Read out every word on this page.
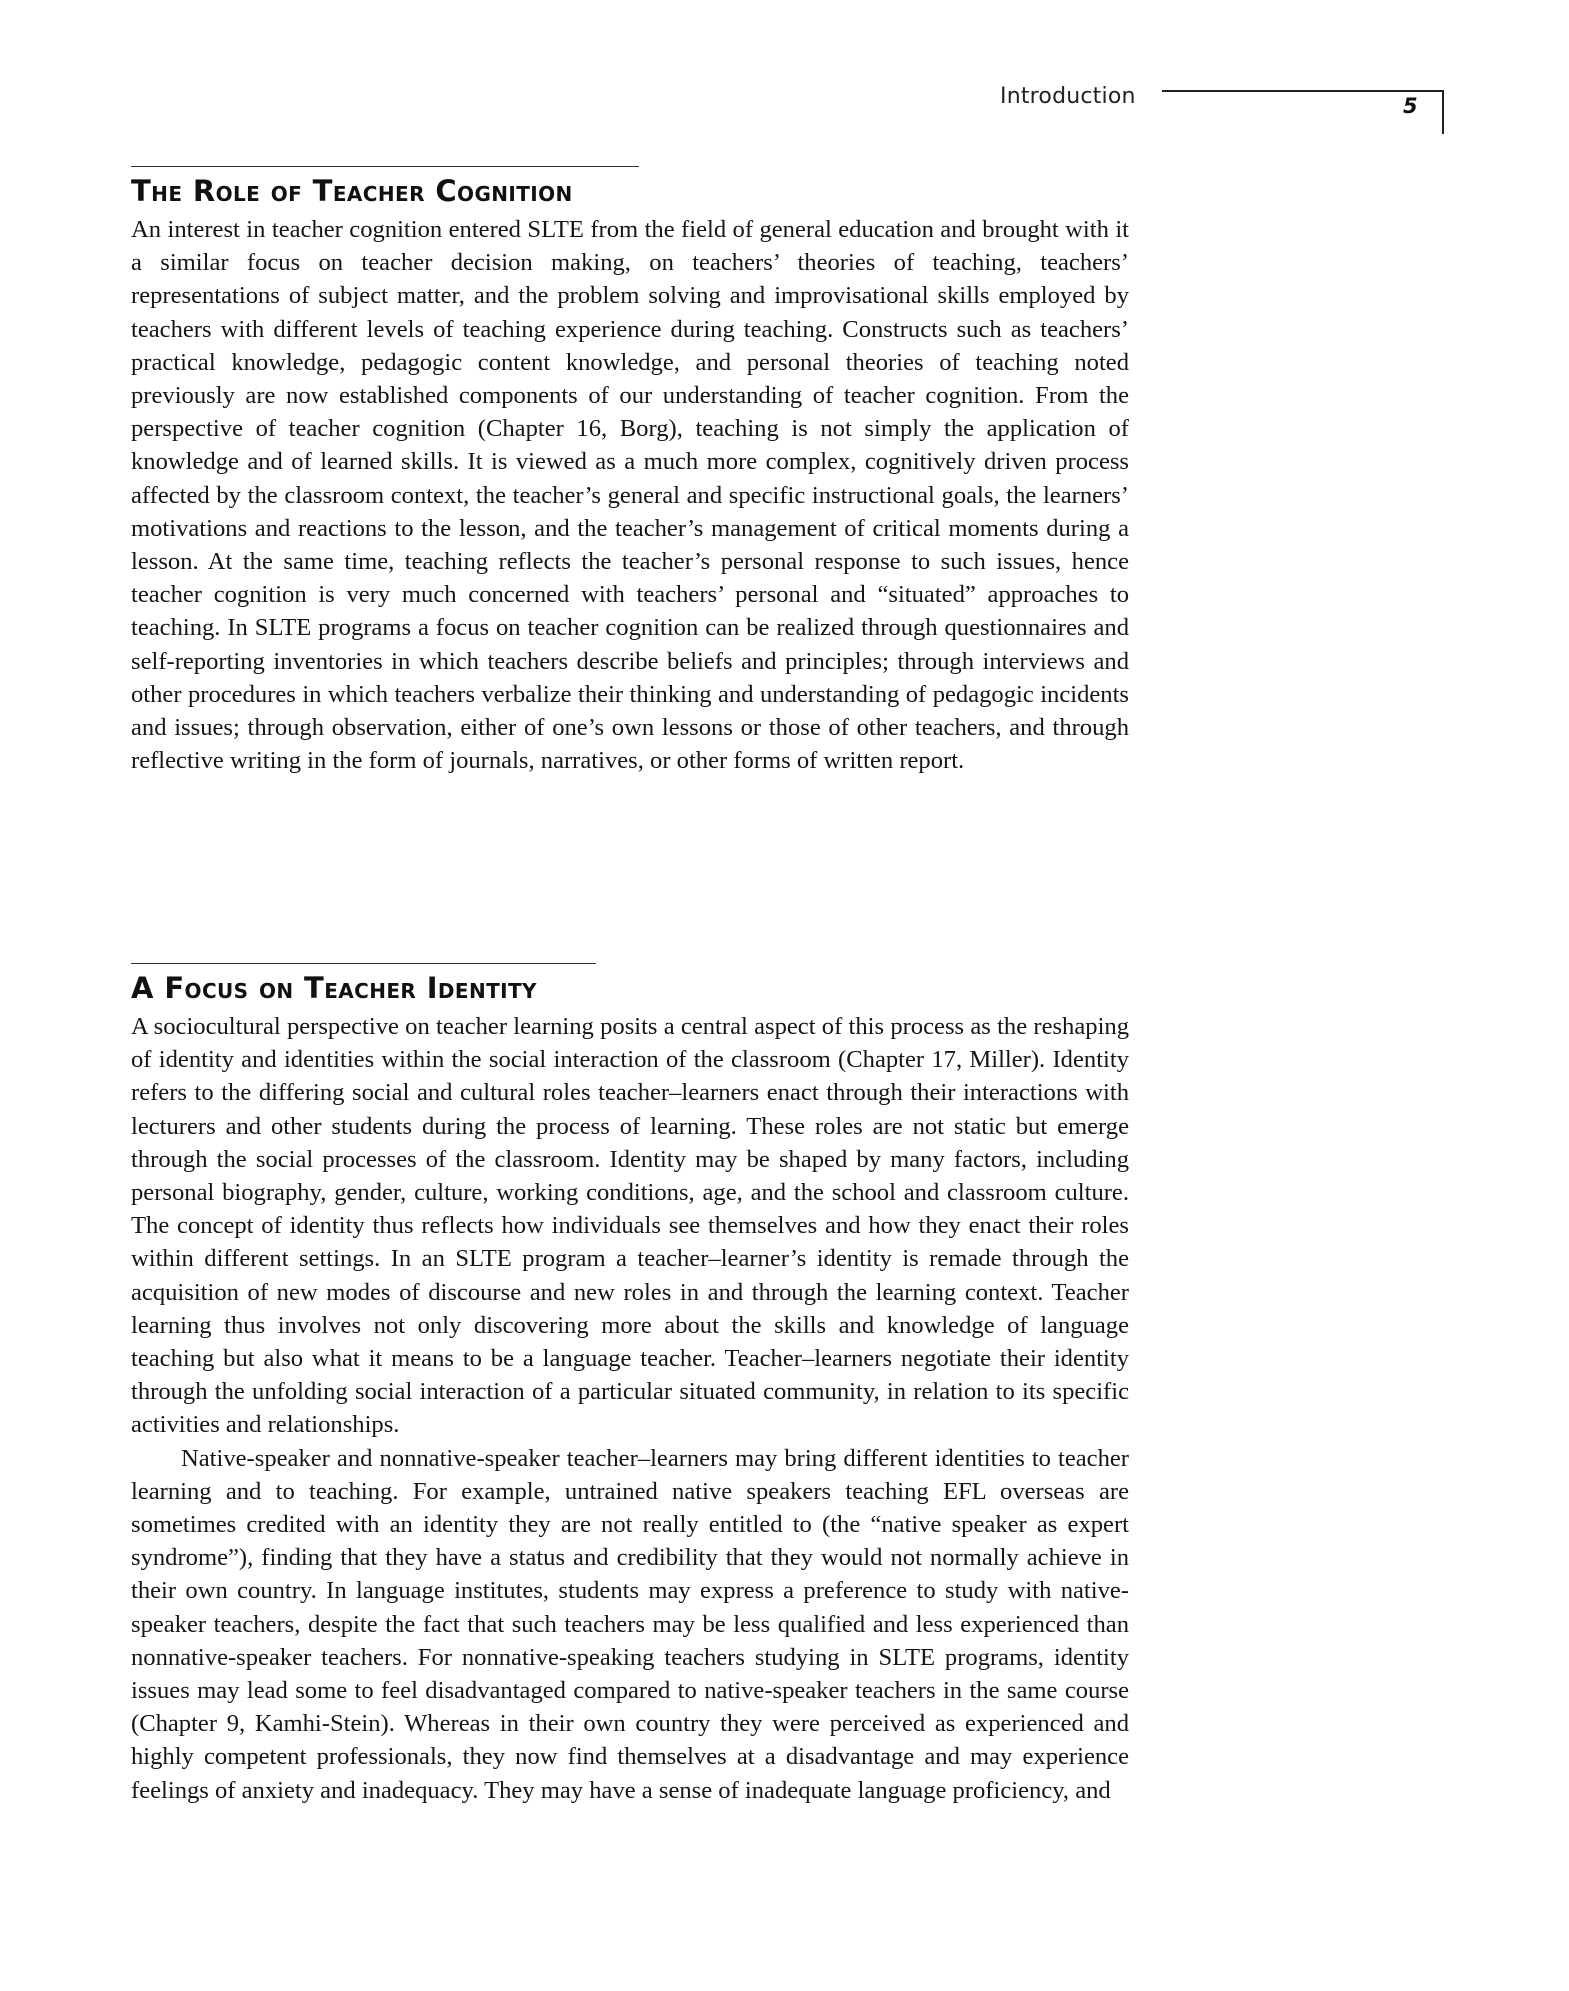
Introduction	5
The Role of Teacher Cognition

An interest in teacher cognition entered SLTE from the field of general education and brought with it a similar focus on teacher decision making, on teachers’ theories of teaching, teachers’ representations of subject matter, and the problem solving and improvisational skills employed by teachers with different levels of teaching experience during teaching. Constructs such as teachers’ practical knowledge, pedagogic content knowledge, and personal theories of teaching noted previously are now established components of our understanding of teacher cognition. From the perspective of teacher cognition (Chapter 16, Borg), teaching is not simply the application of knowledge and of learned skills. It is viewed as a much more complex, cognitively driven process affected by the classroom context, the teacher’s general and specific instructional goals, the learners’ motivations and reactions to the lesson, and the teacher’s management of critical moments during a lesson. At the same time, teaching reflects the teacher’s personal response to such issues, hence teacher cognition is very much concerned with teachers’ personal and “situated” approaches to teaching. In SLTE programs a focus on teacher cognition can be realized through questionnaires and self-reporting inventories in which teachers describe beliefs and principles; through interviews and other procedures in which teachers verbalize their thinking and understanding of pedagogic incidents and issues; through observation, either of one’s own lessons or those of other teachers, and through reflective writing in the form of journals, narratives, or other forms of written report.

A Focus on Teacher Identity

A sociocultural perspective on teacher learning posits a central aspect of this process as the reshaping of identity and identities within the social interaction of the classroom (Chapter 17, Miller). Identity refers to the differing social and cultural roles teacher–learners enact through their interactions with lecturers and other students during the process of learning. These roles are not static but emerge through the social processes of the classroom. Identity may be shaped by many factors, including personal biography, gender, culture, working conditions, age, and the school and classroom culture. The concept of identity thus reflects how individuals see themselves and how they enact their roles within different settings. In an SLTE program a teacher–learner’s identity is remade through the acquisition of new modes of discourse and new roles in and through the learning context. Teacher learning thus involves not only discovering more about the skills and knowledge of language teaching but also what it means to be a language teacher. Teacher–learners negotiate their identity through the unfolding social interaction of a particular situated community, in relation to its specific activities and relationships.

Native-speaker and nonnative-speaker teacher–learners may bring different identities to teacher learning and to teaching. For example, untrained native speakers teaching EFL overseas are sometimes credited with an identity they are not really entitled to (the “native speaker as expert syndrome”), finding that they have a status and credibility that they would not normally achieve in their own country. In language institutes, students may express a preference to study with native-speaker teachers, despite the fact that such teachers may be less qualified and less experienced than nonnative-speaker teachers. For nonnative-speaking teachers studying in SLTE programs, identity issues may lead some to feel disadvantaged compared to native-speaker teachers in the same course (Chapter 9, Kamhi-Stein). Whereas in their own country they were perceived as experienced and highly competent professionals, they now find themselves at a disadvantage and may experience feelings of anxiety and inadequacy. They may have a sense of inadequate language proficiency, and
